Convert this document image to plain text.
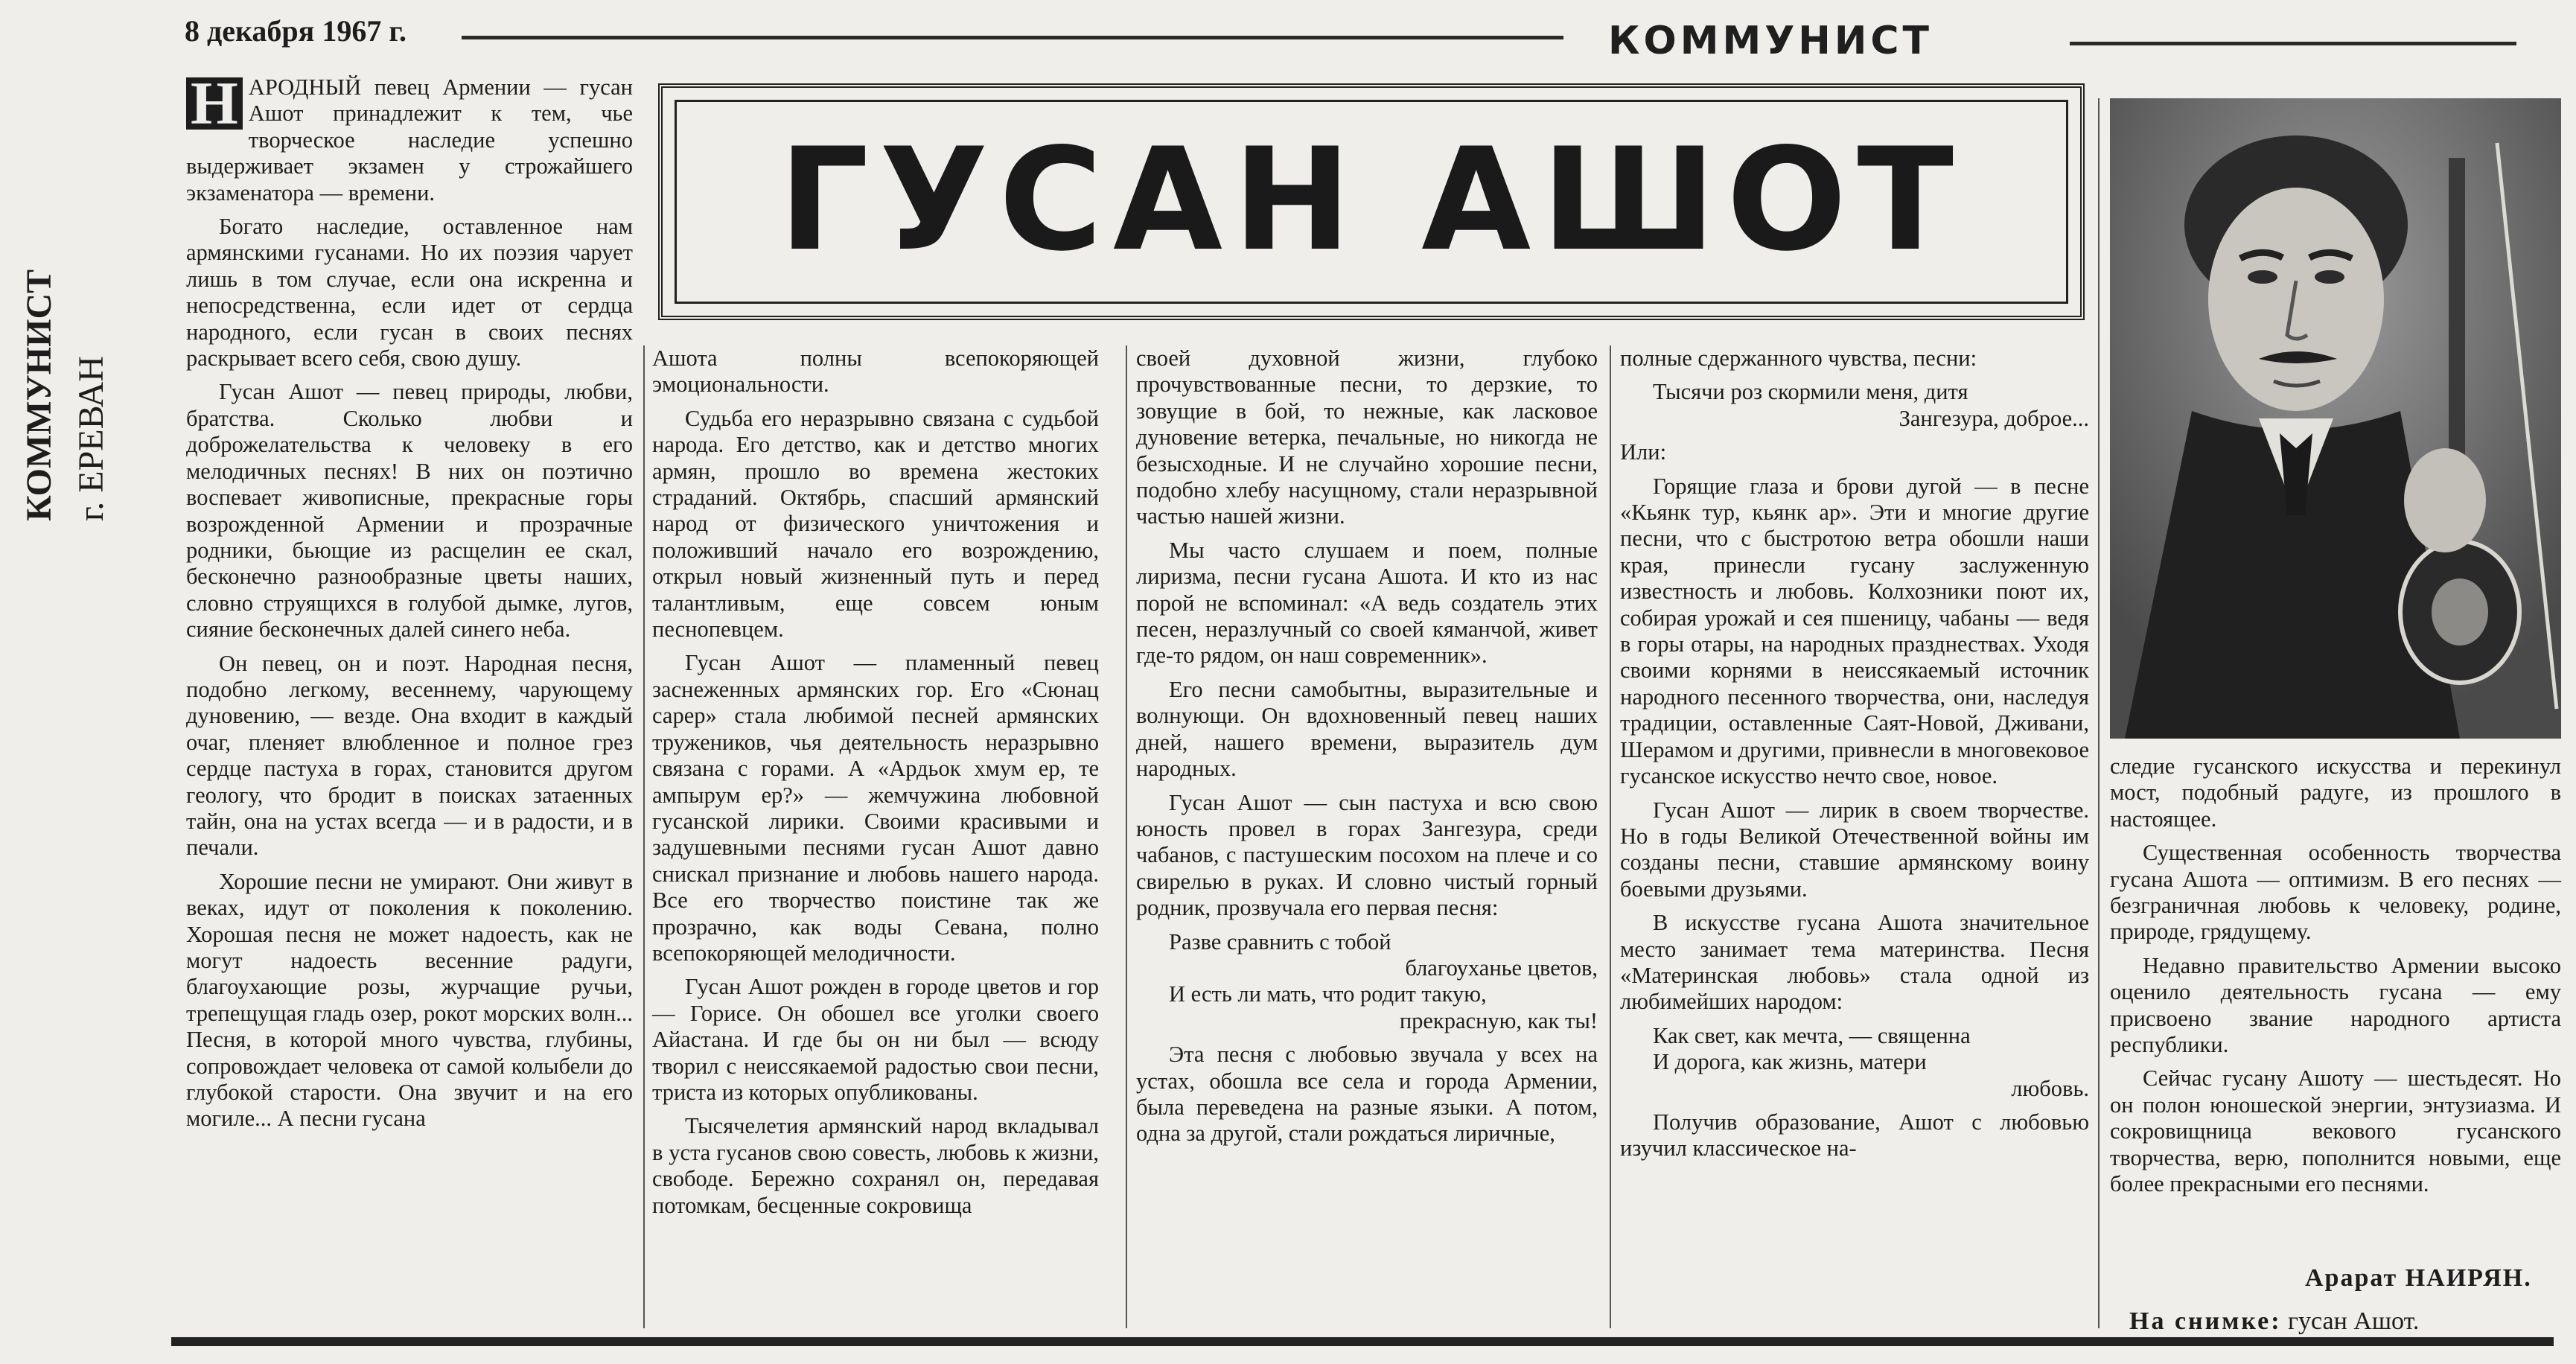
8 декабря 1967 г.	КОММУНИСТ
КОММУНИСТ г. ЕРЕВАН

Н АРОДНЫЙ певец Армении — гусан Ашот принадлежит к тем, чье творческое наследие успешно выдерживает экзамен у строжайшего экзаменатора — времени.

Богато наследие, оставленное нам армянскими гусанами. Но их поэзия чарует лишь в том случае, если она искренна и непосредственна, если идет от сердца народного, если гусан в своих песнях раскрывает всего себя, свою душу.

Гусан Ашот — певец природы, любви, братства. Сколько любви и доброжелательства к человеку в его мелодичных песнях! В них он поэтично воспевает живописные, прекрасные горы возрожденной Армении и прозрачные родники, бьющие из расщелин ее скал, бесконечно разнообразные цветы наших, словно струящихся в голубой дымке, лугов, сияние бесконечных далей синего неба.

Он певец, он и поэт. Народная песня, подобно легкому, весеннему, чарующему дуновению, — везде. Она входит в каждый очаг, пленяет влюбленное и полное грез сердце пастуха в горах, становится другом геологу, что бродит в поисках затаенных тайн, она на устах всегда — и в радости, и в печали.

Хорошие песни не умирают. Они живут в веках, идут от поколения к поколению. Хорошая песня не может надоесть, как не могут надоесть весенние радуги, благоухающие розы, журчащие ручьи, трепещущая гладь озер, рокот морских волн... Песня, в которой много чувства, глубины, сопровождает человека от самой колыбели до глубокой старости. Она звучит и на его могиле... А песни гусана

ГУСАН АШОТ

Ашота полны всепокоряющей эмоциональности.

Судьба его неразрывно связана с судьбой народа. Его детство, как и детство многих армян, прошло во времена жестоких страданий. Октябрь, спасший армянский народ от физического уничтожения и положивший начало его возрождению, открыл новый жизненный путь и перед талантливым, еще совсем юным песнопевцем.

Гусан Ашот — пламенный певец заснеженных армянских гор. Его «Сюнац сарер» стала любимой песней армянских тружеников, чья деятельность неразрывно связана с горами. А «Ардьок хмум ер, те ампырум ер?» — жемчужина любовной гусанской лирики. Своими красивыми и задушевными песнями гусан Ашот давно снискал признание и любовь нашего народа. Все его творчество поистине так же прозрачно, как воды Севана, полно всепокоряющей мелодичности.

Гусан Ашот рожден в городе цветов и гор — Горисе. Он обошел все уголки своего Айастана. И где бы он ни был — всюду творил с неиссякаемой радостью свои песни, триста из которых опубликованы.

Тысячелетия армянский народ вкладывал в уста гусанов свою совесть, любовь к жизни, свободе. Бережно сохранял он, передавая потомкам, бесценные сокровища

своей духовной жизни, глубоко прочувствованные песни, то дерзкие, то зовущие в бой, то нежные, как ласковое дуновение ветерка, печальные, но никогда не безысходные. И не случайно хорошие песни, подобно хлебу насущному, стали неразрывной частью нашей жизни.

Мы часто слушаем и поем, полные лиризма, песни гусана Ашота. И кто из нас порой не вспоминал: «А ведь создатель этих песен, неразлучный со своей кяманчой, живет где-то рядом, он наш современник».

Его песни самобытны, выразительные и волнующи. Он вдохновенный певец наших дней, нашего времени, выразитель дум народных.

Гусан Ашот — сын пастуха и всю свою юность провел в горах Зангезура, среди чабанов, с пастушеским посохом на плече и со свирелью в руках. И словно чистый горный родник, прозвучала его первая песня:

Разве сравнить с тобой
благоуханье цветов,
И есть ли мать, что родит такую,
прекрасную, как ты!

Эта песня с любовью звучала у всех на устах, обошла все села и города Армении, была переведена на разные языки. А потом, одна за другой, стали рождаться лиричные,

полные сдержанного чувства, песни:

Тысячи роз скормили меня, дитя
Зангезура, доброе...

Или:

Горящие глаза и брови дугой — в песне «Кьянк тур, кьянк ар». Эти и многие другие песни, что с быстротою ветра обошли наши края, принесли гусану заслуженную известность и любовь. Колхозники поют их, собирая урожай и сея пшеницу, чабаны — ведя в горы отары, на народных празднествах. Уходя своими корнями в неиссякаемый источник народного песенного творчества, они, наследуя традиции, оставленные Саят-Новой, Дживани, Шерамом и другими, привнесли в многовековое гусанское искусство нечто свое, новое.

Гусан Ашот — лирик в своем творчестве. Но в годы Великой Отечественной войны им созданы песни, ставшие армянскому воину боевыми друзьями.

В искусстве гусана Ашота значительное место занимает тема материнства. Песня «Материнская любовь» стала одной из любимейших народом:

Как свет, как мечта, — священна
И дорога, как жизнь, матери
любовь.

Получив образование, Ашот с любовью изучил классическое на-

следие гусанского искусства и перекинул мост, подобный радуге, из прошлого в настоящее.

Существенная особенность творчества гусана Ашота — оптимизм. В его песнях — безграничная любовь к человеку, родине, природе, грядущему.

Недавно правительство Армении высоко оценило деятельность гусана — ему присвоено звание народного артиста республики.

Сейчас гусану Ашоту — шестьдесят. Но он полон юношеской энергии, энтузиазма. И сокровищница векового гусанского творчества, верю, пополнится новыми, еще более прекрасными его песнями.

Арарат НАИРЯН.
На снимке: гусан Ашот.
